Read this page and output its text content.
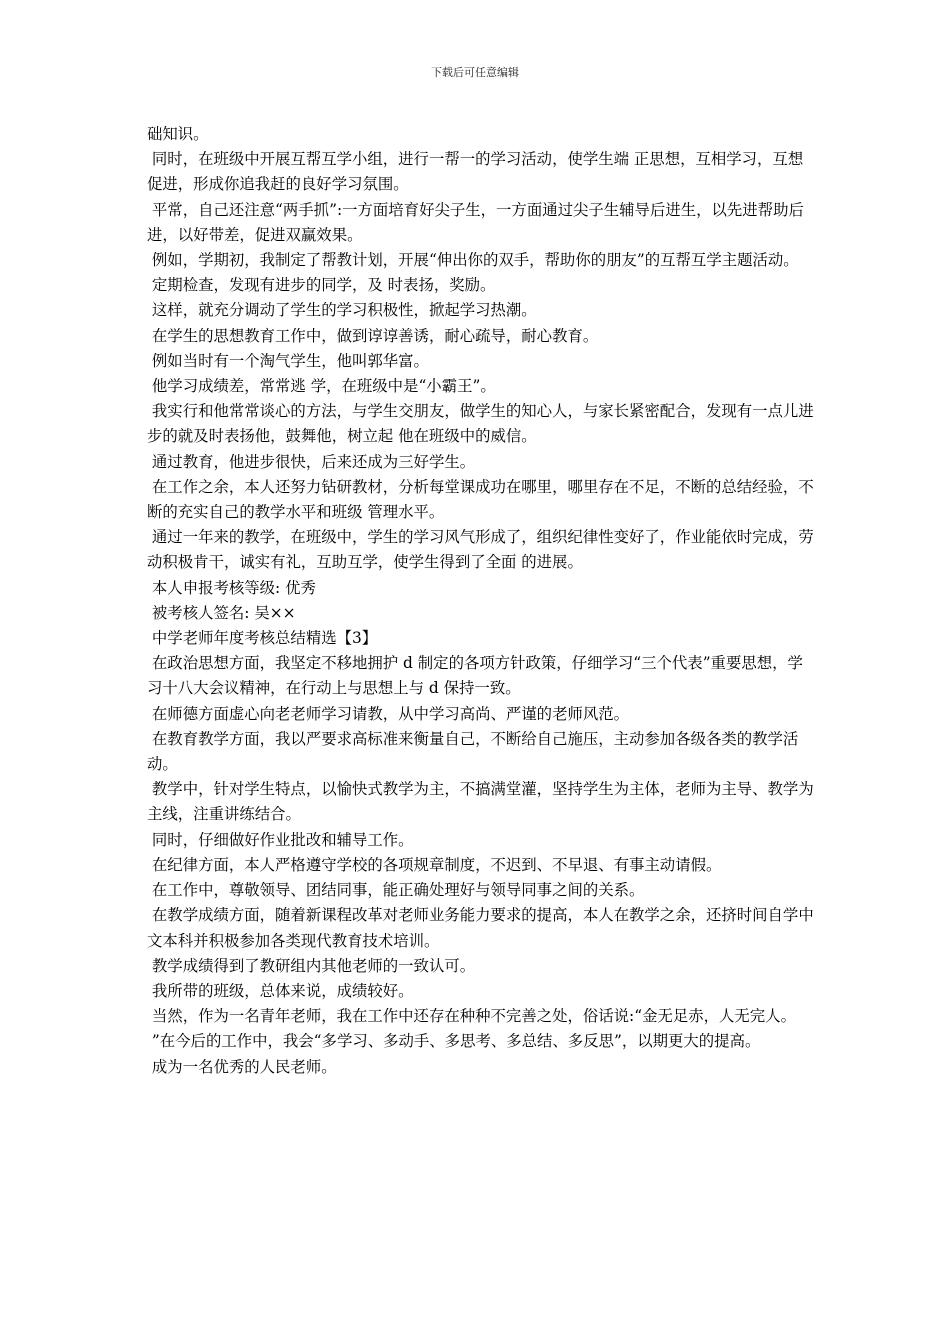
下载后可任意编辑

础知识。

同时，在班级中开展互帮互学小组，进行一帮一的学习活动，使学生端 正思想，互相学习，互想促进，形成你追我赶的良好学习氛围。

平常，自己还注意“两手抓”:一方面培育好尖子生，一方面通过尖子生辅导后进生，以先进帮助后 进，以好带差，促进双赢效果。

例如，学期初，我制定了帮教计划，开展“伸出你的双手，帮助你的朋友”的互帮互学主题活动。

定期检查，发现有进步的同学，及 时表扬，奖励。

这样，就充分调动了学生的学习积极性，掀起学习热潮。

在学生的思想教育工作中，做到谆谆善诱，耐心疏导，耐心教育。

例如当时有一个淘气学生，他叫郭华富。

他学习成绩差，常常逃 学，在班级中是“小霸王”。

我实行和他常常谈心的方法，与学生交朋友，做学生的知心人，与家长紧密配合，发现有一点儿进步的就及时表扬他，鼓舞他，树立起 他在班级中的威信。

通过教育，他进步很快，后来还成为三好学生。

在工作之余，本人还努力钻研教材，分析每堂课成功在哪里，哪里存在不足，不断的总结经验，不断的充实自己的教学水平和班级 管理水平。

通过一年来的教学，在班级中，学生的学习风气形成了，组织纪律性变好了，作业能依时完成，劳动积极肯干，诚实有礼，互助互学，使学生得到了全面 的进展。

本人申报考核等级: 优秀

被考核人签名: 吴××

中学老师年度考核总结精选【3】

在政治思想方面，我坚定不移地拥护 d 制定的各项方针政策，仔细学习“三个代表”重要思想，学习十八大会议精神，在行动上与思想上与 d 保持一致。

在师德方面虚心向老老师学习请教，从中学习高尚、严谨的老师风范。

在教育教学方面，我以严要求高标准来衡量自己，不断给自己施压，主动参加各级各类的教学活动。

教学中，针对学生特点，以愉快式教学为主，不搞满堂灌，坚持学生为主体，老师为主导、教学为主线，注重讲练结合。

同时，仔细做好作业批改和辅导工作。

在纪律方面，本人严格遵守学校的各项规章制度，不迟到、不早退、有事主动请假。

在工作中，尊敬领导、团结同事，能正确处理好与领导同事之间的关系。

在教学成绩方面，随着新课程改革对老师业务能力要求的提高，本人在教学之余，还挤时间自学中文本科并积极参加各类现代教育技术培训。

教学成绩得到了教研组内其他老师的一致认可。

我所带的班级，总体来说，成绩较好。

当然，作为一名青年老师，我在工作中还存在种种不完善之处，俗话说:“金无足赤，人无完人。

”在今后的工作中，我会“多学习、多动手、多思考、多总结、多反思”，以期更大的提高。

成为一名优秀的人民老师。
